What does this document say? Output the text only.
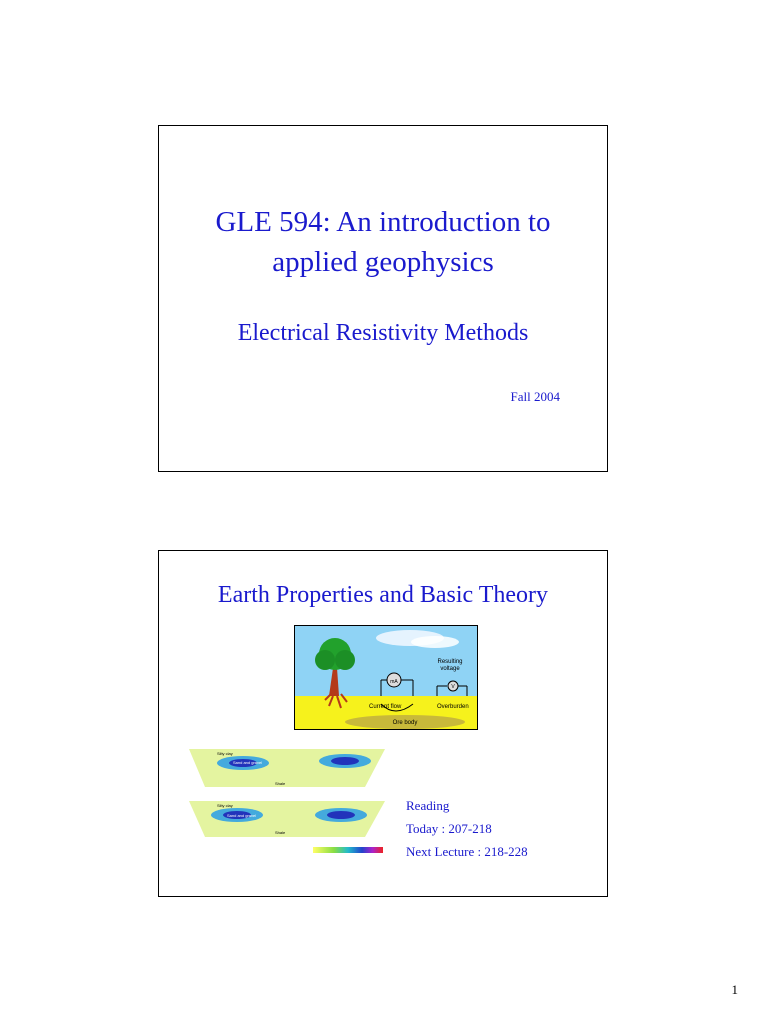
GLE 594: An introduction to
applied geophysics
Electrical Resistivity Methods
Fall 2004
Earth Properties and Basic Theory
mA
V
Resulting
voltage
Current flow	Overburden
Ore body
Silty clay
Sand and gravel
Shale
Silty clay
Sand and gravel
Shale
Reading
Today : 207-218
Next Lecture : 218-228
1
